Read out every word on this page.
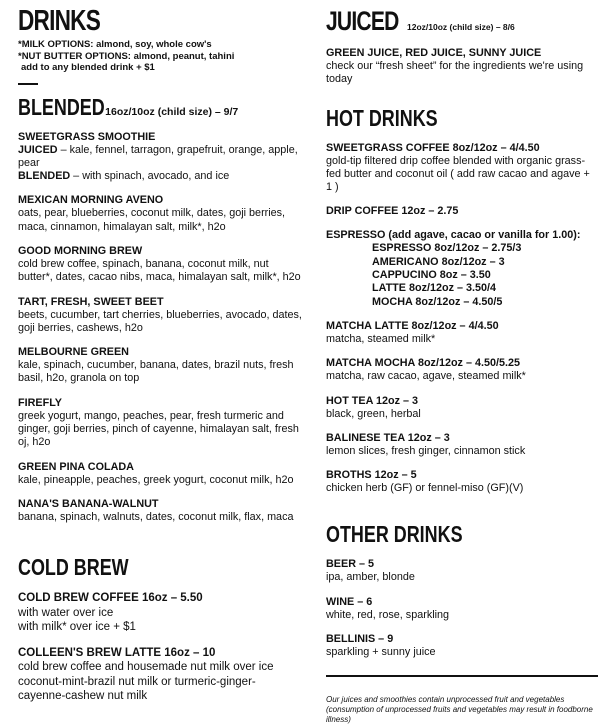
DRINKS
*MILK OPTIONS: almond, soy, whole cow's
*NUT BUTTER OPTIONS: almond, peanut, tahini
add to any blended drink + $1
BLENDED16oz/10oz (child size) – 9/7
SWEETGRASS SMOOTHIE
JUICED – kale, fennel, tarragon, grapefruit, orange, apple, pear
BLENDED – with spinach, avocado, and ice
MEXICAN MORNING AVENO
oats, pear, blueberries, coconut milk, dates, goji berries, maca, cinnamon, himalayan salt, milk*, h2o
GOOD MORNING BREW
cold brew coffee, spinach, banana, coconut milk, nut butter*, dates, cacao nibs, maca, himalayan salt, milk*, h2o
TART, FRESH, SWEET BEET
beets, cucumber, tart cherries, blueberries, avocado, dates, goji berries, cashews, h2o
MELBOURNE GREEN
kale, spinach, cucumber, banana, dates, brazil nuts, fresh basil, h2o, granola on top
FIREFLY
greek yogurt, mango, peaches, pear, fresh turmeric and ginger, goji berries, pinch of cayenne, himalayan salt, fresh oj, h2o
GREEN PINA COLADA
kale, pineapple, peaches, greek yogurt, coconut milk, h2o
NANA'S BANANA-WALNUT
banana, spinach, walnuts, dates, coconut milk, flax, maca
COLD BREW
COLD BREW COFFEE 16oz – 5.50
with water over ice
with milk* over ice + $1
COLLEEN'S BREW LATTE 16oz – 10
cold brew coffee and housemade nut milk over ice
coconut-mint-brazil nut milk or turmeric-ginger-cayenne-cashew nut milk
JUICED 12oz/10oz (child size) – 8/6
GREEN JUICE, RED JUICE, SUNNY JUICE
check our “fresh sheet” for the ingredients we're using today
HOT DRINKS
SWEETGRASS COFFEE 8oz/12oz – 4/4.50
gold-tip filtered drip coffee blended with organic grass-fed butter and coconut oil ( add raw cacao and agave + 1 )
DRIP COFFEE 12oz – 2.75
ESPRESSO (add agave, cacao or vanilla for 1.00):
ESPRESSO 8oz/12oz – 2.75/3
AMERICANO 8oz/12oz – 3
CAPPUCINO 8oz – 3.50
LATTE 8oz/12oz – 3.50/4
MOCHA 8oz/12oz – 4.50/5
MATCHA LATTE 8oz/12oz – 4/4.50
matcha, steamed milk*
MATCHA MOCHA 8oz/12oz – 4.50/5.25
matcha, raw cacao, agave, steamed milk*
HOT TEA 12oz – 3
black, green, herbal
BALINESE TEA 12oz – 3
lemon slices, fresh ginger, cinnamon stick
BROTHS 12oz – 5
chicken herb (GF) or fennel-miso (GF)(V)
OTHER DRINKS
BEER – 5
ipa, amber, blonde
WINE – 6
white, red, rose, sparkling
BELLINIS – 9
sparkling + sunny juice
Our juices and smoothies contain unprocessed fruit and vegetables (consumption of unprocessed fruits and vegetables may result in foodborne illness)
